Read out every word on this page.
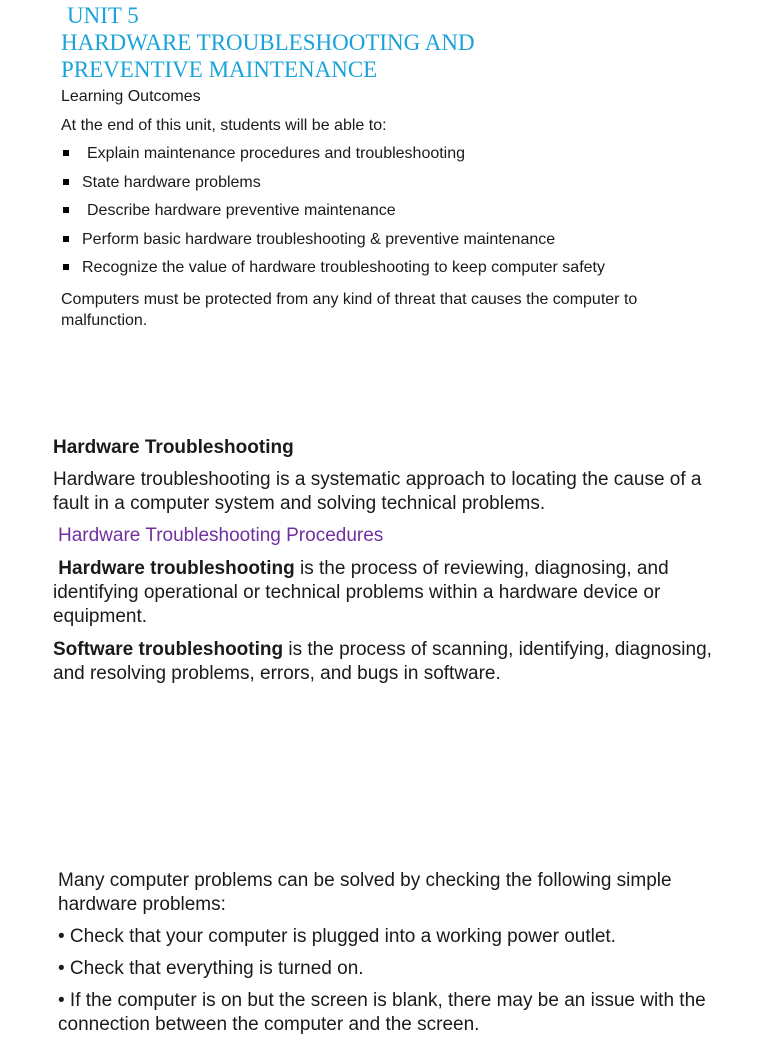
UNIT 5
HARDWARE TROUBLESHOOTING AND
PREVENTIVE MAINTENANCE

Learning Outcomes

At the end of this unit, students will be able to:

Explain maintenance procedures and troubleshooting
State hardware problems
Describe hardware preventive maintenance
Perform basic hardware troubleshooting & preventive maintenance
Recognize the value of hardware troubleshooting to keep computer safety

Computers must be protected from any kind of threat that causes the computer to malfunction.

Hardware Troubleshooting

Hardware troubleshooting is a systematic approach to locating the cause of a fault in a computer system and solving technical problems.

Hardware Troubleshooting Procedures

Hardware troubleshooting is the process of reviewing, diagnosing, and identifying operational or technical problems within a hardware device or equipment.

Software troubleshooting is the process of scanning, identifying, diagnosing, and resolving problems, errors, and bugs in software.

Many computer problems can be solved by checking the following simple hardware problems:

• Check that your computer is plugged into a working power outlet.
• Check that everything is turned on.
• If the computer is on but the screen is blank, there may be an issue with the connection between the computer and the screen.
